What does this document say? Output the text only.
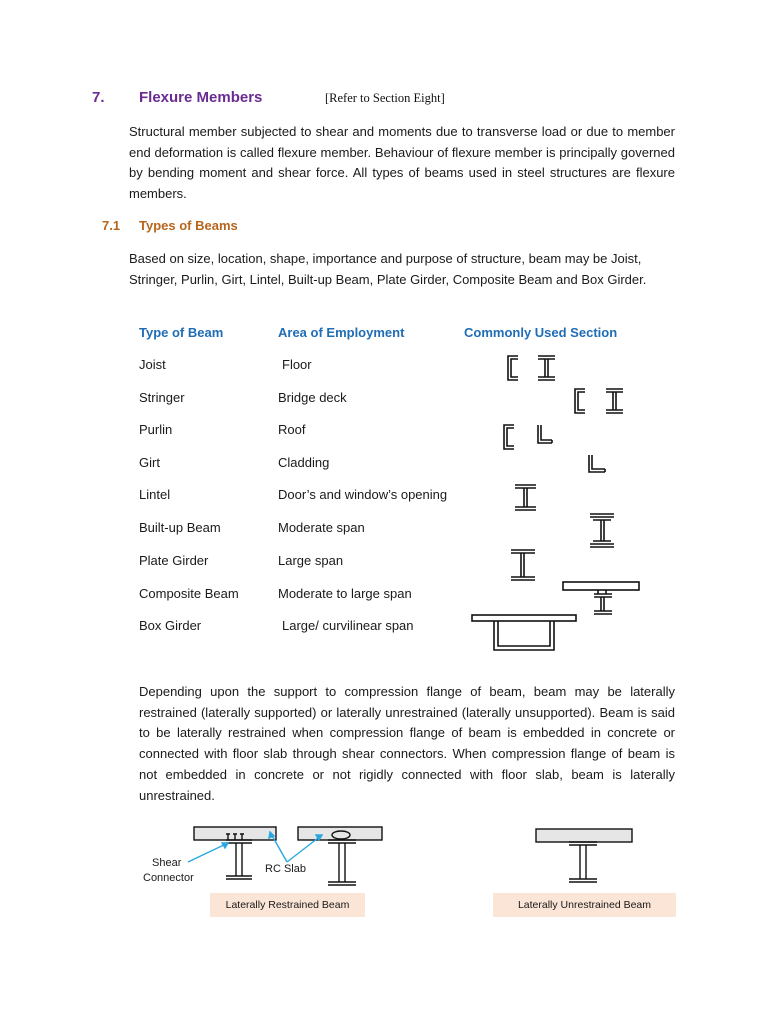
7. Flexure Members	[Refer to Section Eight]
Structural member subjected to shear and moments due to transverse load or due to member end deformation is called flexure member. Behaviour of flexure member is principally governed by bending moment and shear force. All types of beams used in steel structures are flexure members.
7.1 Types of Beams
Based on size, location, shape, importance and purpose of structure, beam may be Joist, Stringer, Purlin, Girt, Lintel, Built-up Beam, Plate Girder, Composite Beam and Box Girder.
Type of Beam	Area of Employment	Commonly Used Section
Joist	Floor
Stringer	Bridge deck
Purlin	Roof
Girt	Cladding
Lintel	Door’s and window’s opening
Built-up Beam	Moderate span
Plate Girder	Large span
Composite Beam	Moderate to large span
Box Girder	Large/ curvilinear span
Depending upon the support to compression flange of beam, beam may be laterally restrained (laterally supported) or laterally unrestrained (laterally unsupported). Beam is said to be laterally restrained when compression flange of beam is embedded in concrete or connected with floor slab through shear connectors. When compression flange of beam is not embedded in concrete or not rigidly connected with floor slab, beam is laterally unrestrained.
Shear
Connector
RC Slab
Laterally Restrained Beam	Laterally Unrestrained Beam
